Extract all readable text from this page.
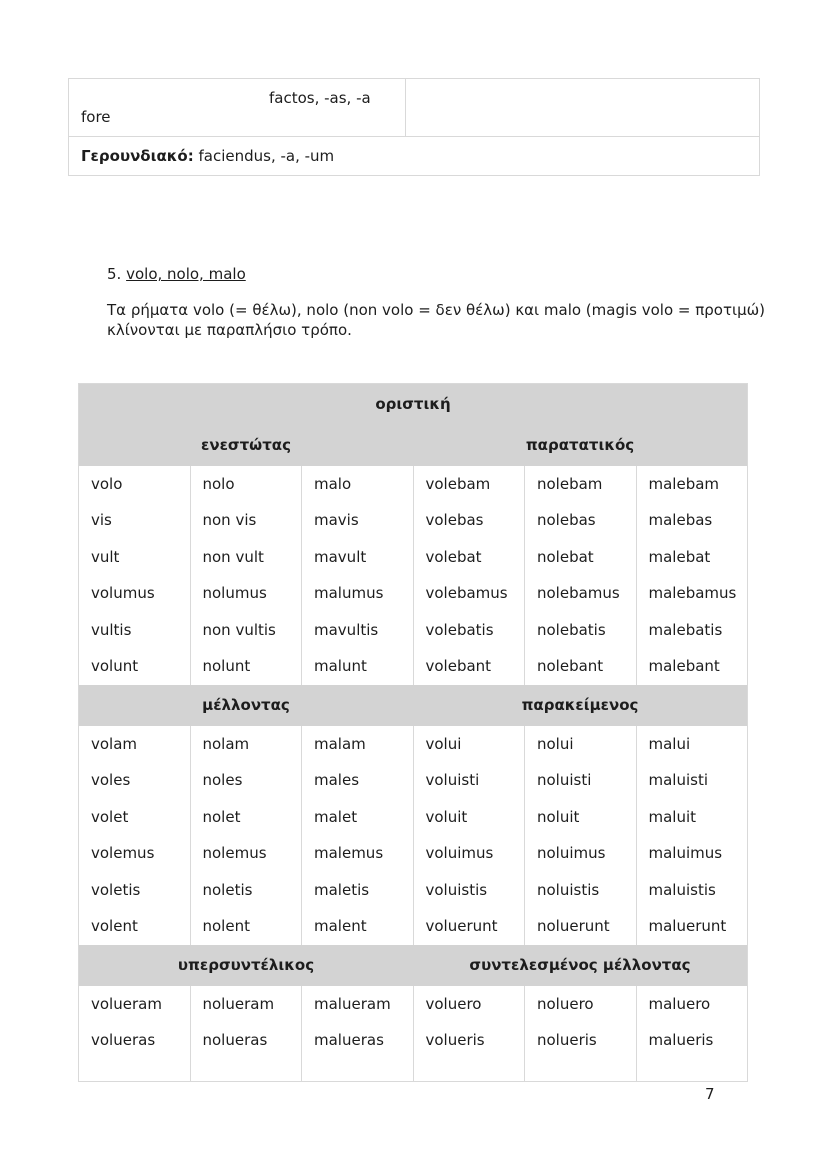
factos, -as, -a
fore

Γερουνδιακό: faciendus, -a, -um
5. volo, nolo, malo
Τα ρήματα volo (= θέλω), nolo (non volo = δεν θέλω) και malo (magis volo = προτιμώ)
κλίνονται με παραπλήσιο τρόπο.
οριστική					
ενεστώτας			παρατατικός		
volo	nolo	malo	volebam	nolebam	malebam
vis	non vis	mavis	volebas	nolebas	malebas
vult	non vult	mavult	volebat	nolebat	malebat
volumus	nolumus	malumus	volebamus	nolebamus	malebamus
vultis	non vultis	mavultis	volebatis	nolebatis	malebatis
volunt	nolunt	malunt	volebant	nolebant	malebant
μέλλοντας			παρακείμενος		
volam	nolam	malam	volui	nolui	malui
voles	noles	males	voluisti	noluisti	maluisti
volet	nolet	malet	voluit	noluit	maluit
volemus	nolemus	malemus	voluimus	noluimus	maluimus
voletis	noletis	maletis	voluistis	noluistis	maluistis
volent	nolent	malent	voluerunt	noluerunt	maluerunt
υπερσυντέλικος			συντελεσμένος μέλλοντας		
volueram	nolueram	malueram	voluero	noluero	maluero
volueras	nolueras	malueras	volueris	nolueris	malueris

7
